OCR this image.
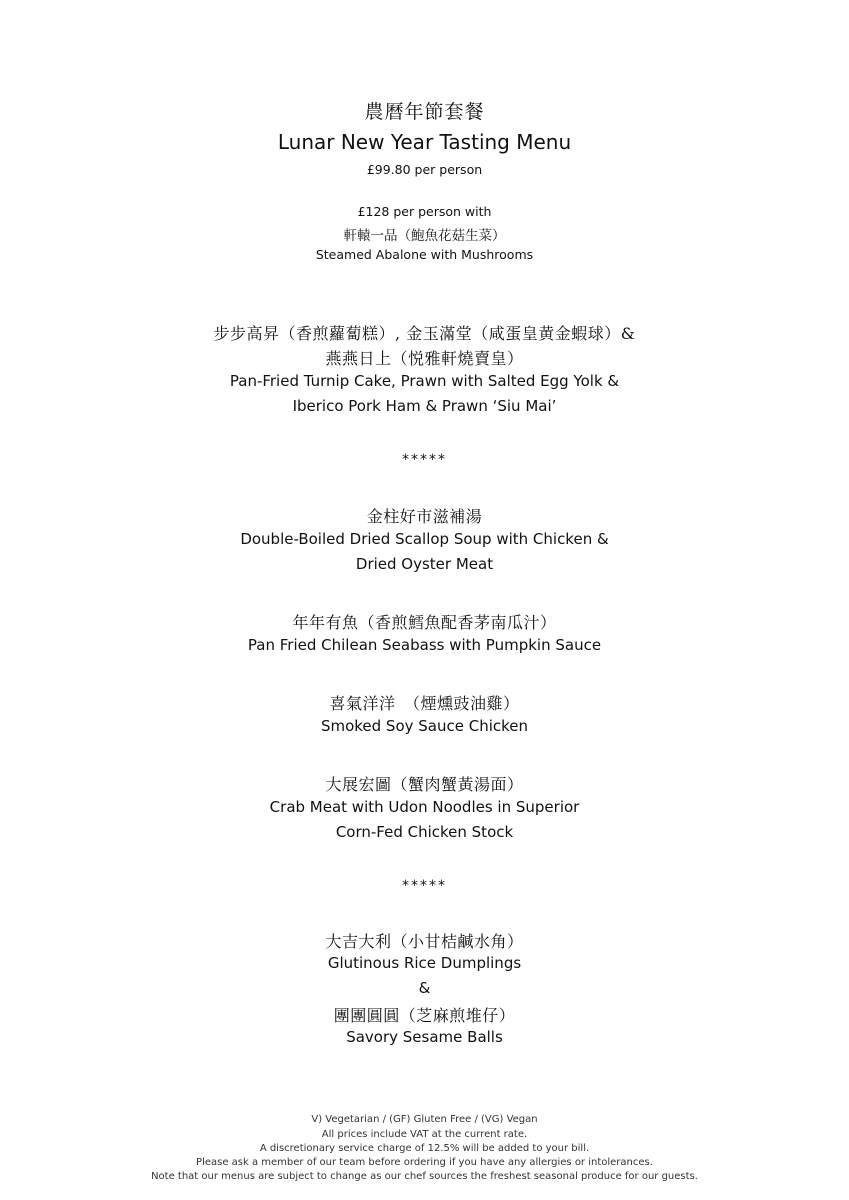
農曆年節套餐
Lunar New Year Tasting Menu
£99.80 per person
£128 per person with
軒轅一品（鮑魚花菇生菜）
Steamed Abalone with Mushrooms
步步高昇（香煎蘿蔔糕）, 金玉滿堂（咸蛋皇黄金蝦球）&
燕燕日上（悦雅軒燒賣皇）
Pan-Fried Turnip Cake, Prawn with Salted Egg Yolk &
Iberico Pork Ham & Prawn ‘Siu Mai’
*****
金柱好市滋補湯
Double-Boiled Dried Scallop Soup with Chicken &
Dried Oyster Meat
年年有魚（香煎鱈魚配香茅南瓜汁）
Pan Fried Chilean Seabass with Pumpkin Sauce
喜氣洋洋　（煙燻豉油雞）
Smoked Soy Sauce Chicken
大展宏圖（蟹肉蟹黃湯面）
Crab Meat with Udon Noodles in Superior
Corn-Fed Chicken Stock
*****
大吉大利（小甘桔鹹水角）
Glutinous Rice Dumplings
&
團團圓圓（芝麻煎堆仔）
Savory Sesame Balls
V) Vegetarian / (GF) Gluten Free / (VG) Vegan
All prices include VAT at the current rate.
A discretionary service charge of 12.5% will be added to your bill.
Please ask a member of our team before ordering if you have any allergies or intolerances.
Note that our menus are subject to change as our chef sources the freshest seasonal produce for our guests.
